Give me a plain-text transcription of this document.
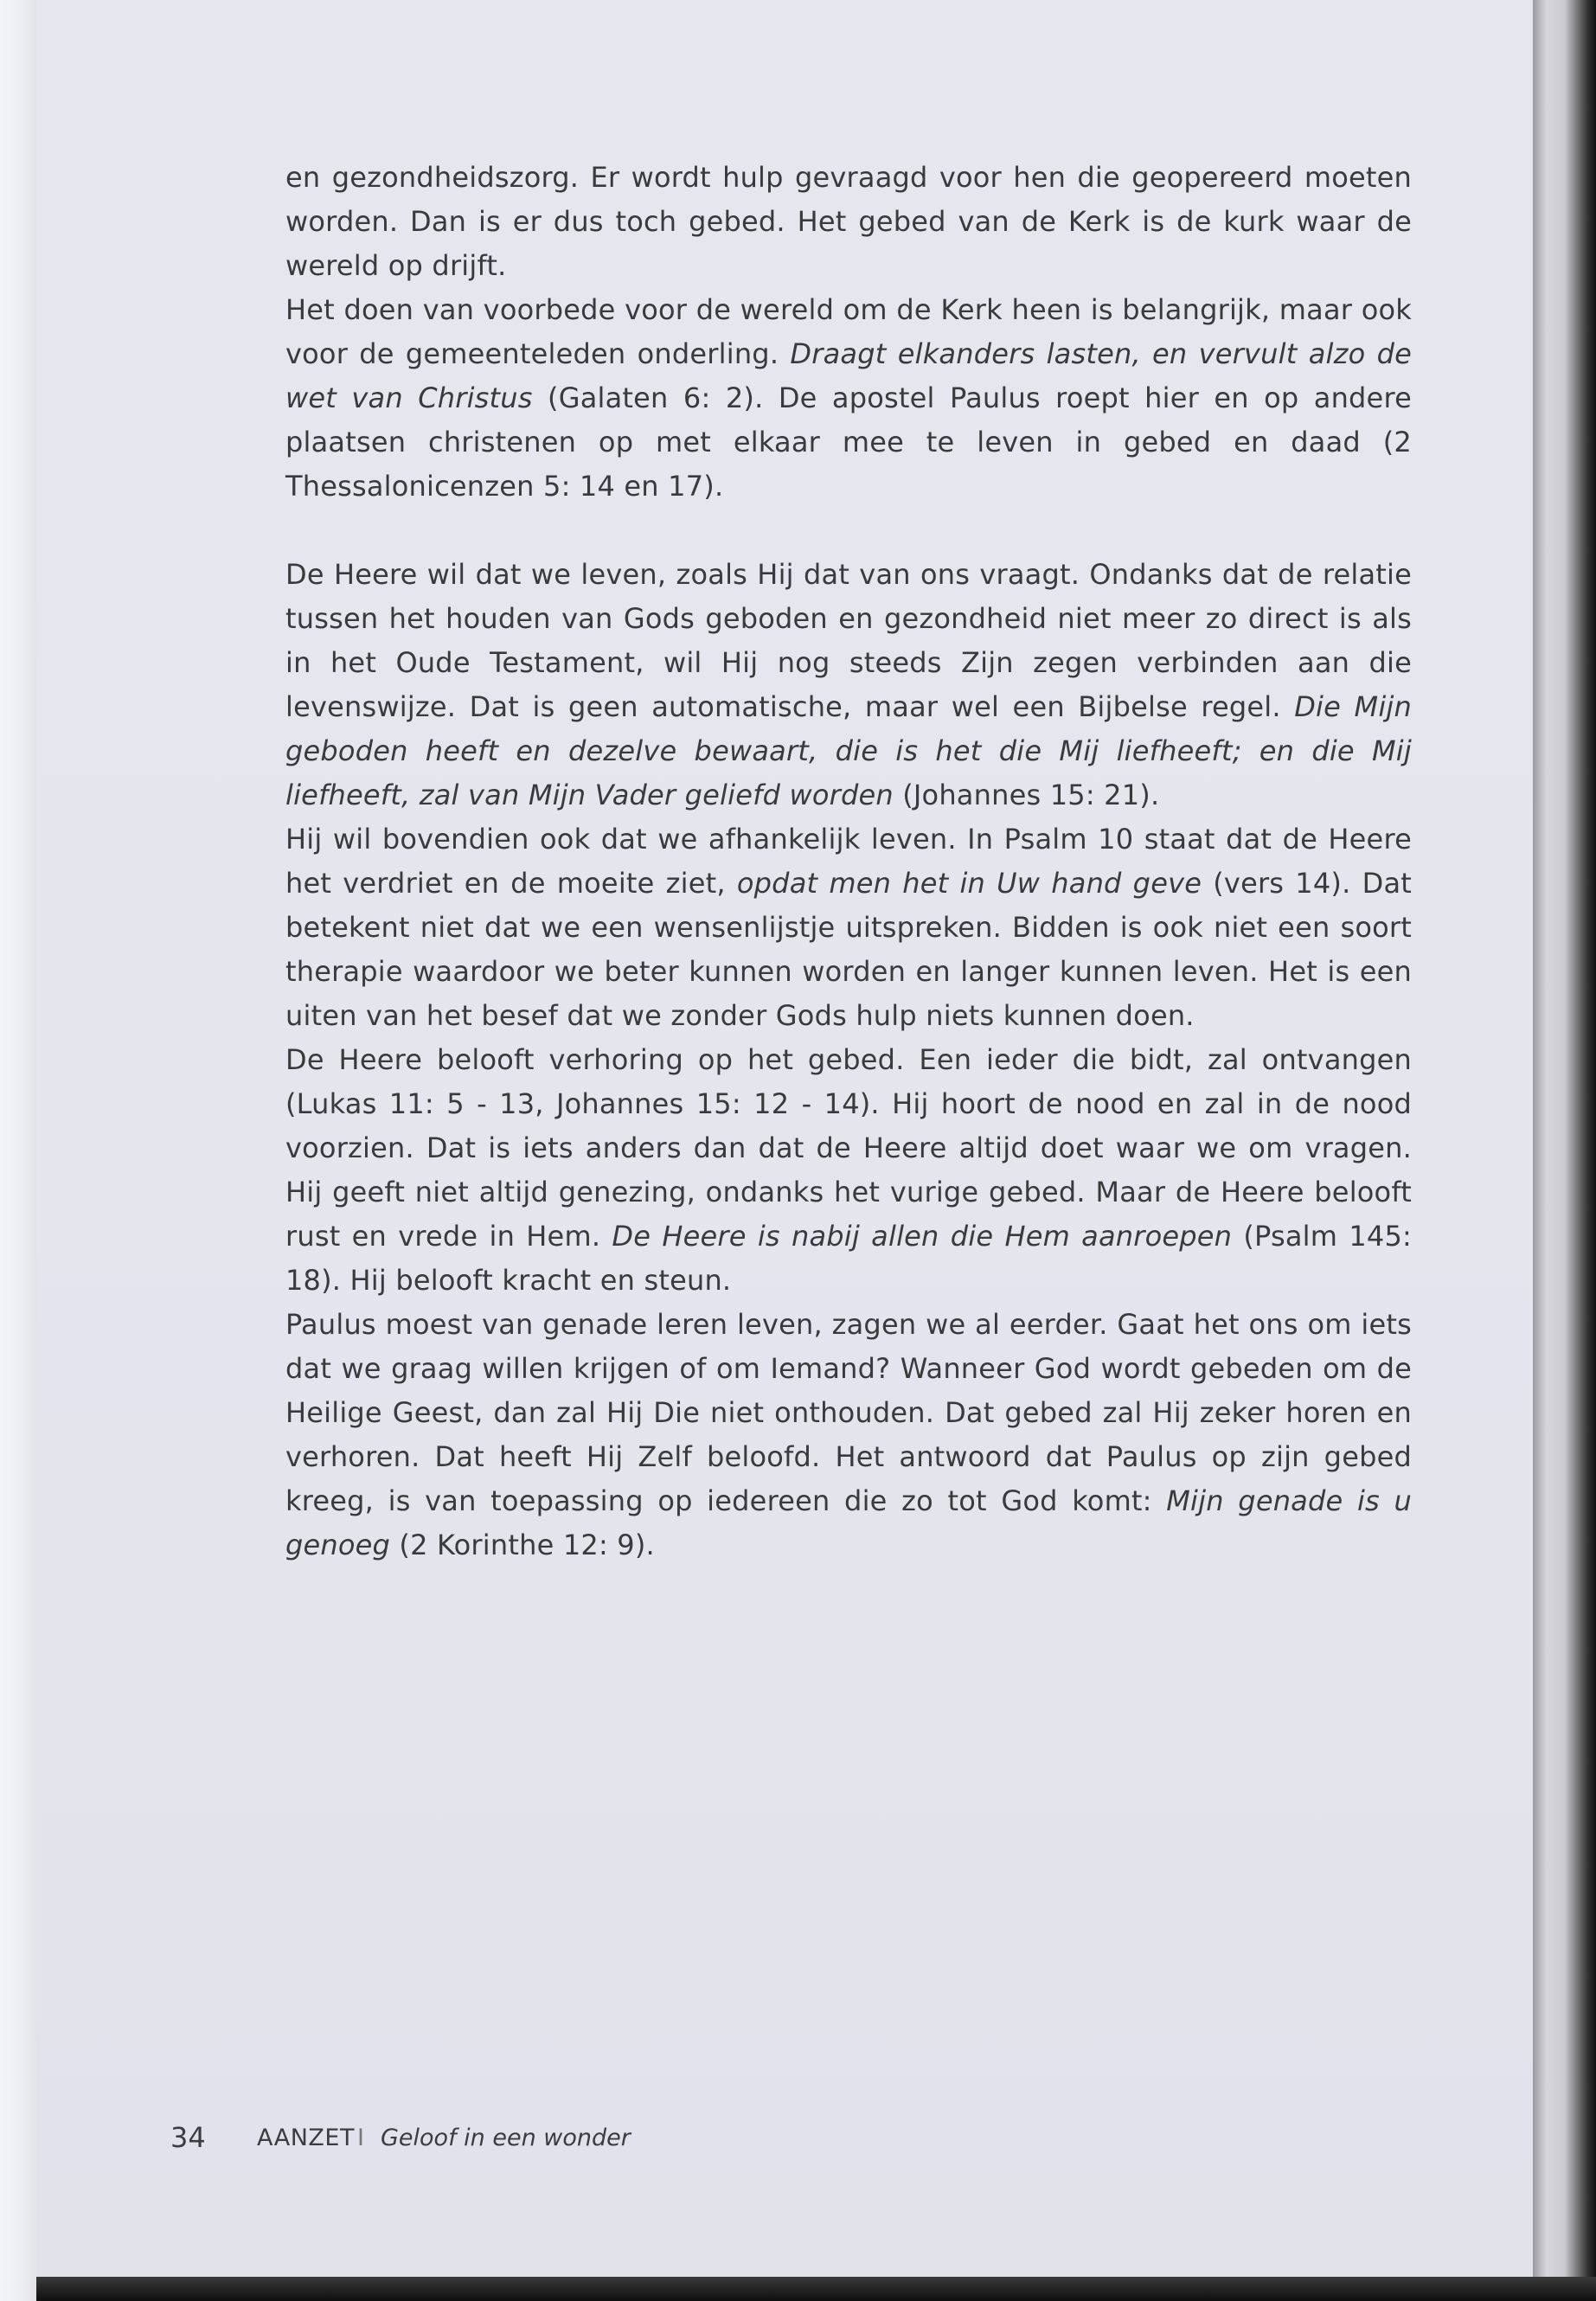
en gezondheidszorg. Er wordt hulp gevraagd voor hen die geopereerd moeten worden. Dan is er dus toch gebed. Het gebed van de Kerk is de kurk waar de wereld op drijft.

Het doen van voorbede voor de wereld om de Kerk heen is belangrijk, maar ook voor de gemeenteleden onderling. Draagt elkanders lasten, en vervult alzo de wet van Christus (Galaten 6: 2). De apostel Paulus roept hier en op andere plaatsen christenen op met elkaar mee te leven in gebed en daad (2 Thessalonicenzen 5: 14 en 17).

De Heere wil dat we leven, zoals Hij dat van ons vraagt. Ondanks dat de relatie tussen het houden van Gods geboden en gezondheid niet meer zo direct is als in het Oude Testament, wil Hij nog steeds Zijn zegen verbinden aan die levenswijze. Dat is geen automatische, maar wel een Bijbelse regel. Die Mijn geboden heeft en dezelve bewaart, die is het die Mij liefheeft; en die Mij liefheeft, zal van Mijn Vader geliefd worden (Johannes 15: 21).

Hij wil bovendien ook dat we afhankelijk leven. In Psalm 10 staat dat de Heere het verdriet en de moeite ziet, opdat men het in Uw hand geve (vers 14). Dat betekent niet dat we een wensenlijstje uitspreken. Bidden is ook niet een soort therapie waardoor we beter kunnen worden en langer kunnen leven. Het is een uiten van het besef dat we zonder Gods hulp niets kunnen doen.

De Heere belooft verhoring op het gebed. Een ieder die bidt, zal ontvangen (Lukas 11: 5 - 13, Johannes 15: 12 - 14). Hij hoort de nood en zal in de nood voorzien. Dat is iets anders dan dat de Heere altijd doet waar we om vragen. Hij geeft niet altijd genezing, ondanks het vurige gebed. Maar de Heere belooft rust en vrede in Hem. De Heere is nabij allen die Hem aanroepen (Psalm 145: 18). Hij belooft kracht en steun.

Paulus moest van genade leren leven, zagen we al eerder. Gaat het ons om iets dat we graag willen krijgen of om Iemand? Wanneer God wordt gebeden om de Heilige Geest, dan zal Hij Die niet onthouden. Dat gebed zal Hij zeker horen en verhoren. Dat heeft Hij Zelf beloofd. Het antwoord dat Paulus op zijn gebed kreeg, is van toepassing op iedereen die zo tot God komt: Mijn genade is u genoeg (2 Korinthe 12: 9).

34 AANZET I Geloof in een wonder
